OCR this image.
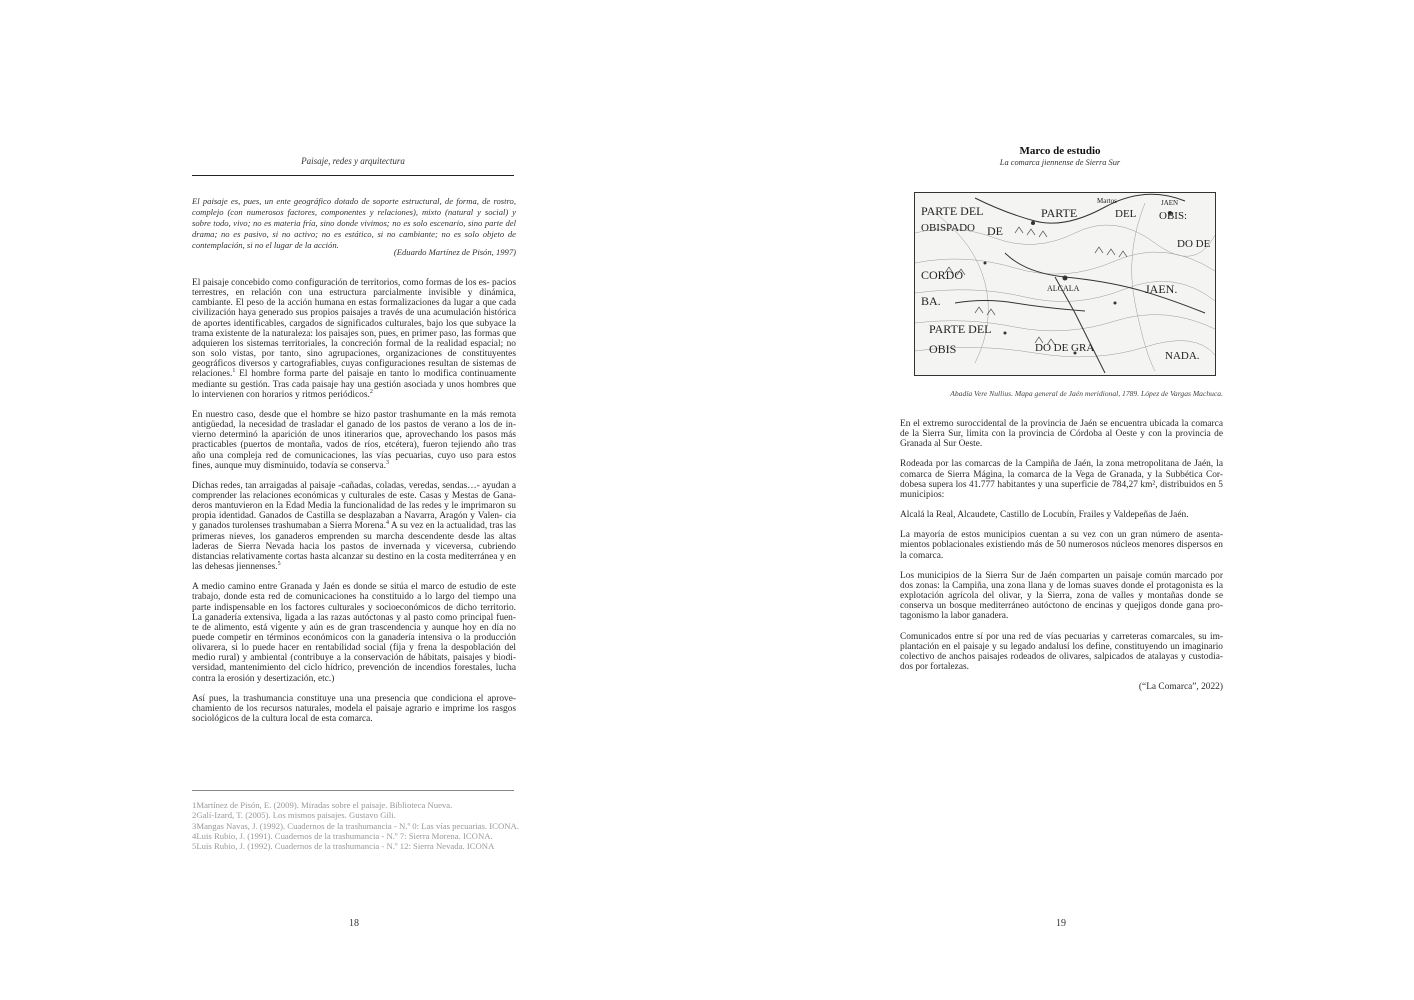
Paisaje, redes y arquitectura
El paisaje es, pues, un ente geográfico dotado de soporte estructural, de forma, de rostro, complejo (con numerosos factores, componentes y relaciones), mixto (natural y social) y sobre todo, vivo; no es materia fría, sino donde vivimos; no es solo escenario, sino parte del drama; no es pasivo, si no activo; no es estático, si no cambiante; no es solo objeto de contemplación, si no el lugar de la acción.
(Eduardo Martínez de Pisón, 1997)

El paisaje concebido como configuración de territorios, como formas de los es- pacios terrestres, en relación con una estructura parcialmente invisible y dinámica, cambiante. El peso de la acción humana en estas formalizaciones da lugar a que cada civilización haya generado sus propios paisajes a través de una acumulación histórica de aportes identificables, cargados de significados culturales, bajo los que subyace la trama existente de la naturaleza: los paisajes son, pues, en primer paso, las formas que adquieren los sistemas territoriales, la concreción formal de la realidad espacial; no son solo vistas, por tanto, sino agrupaciones, organizaciones de constituyentes geográficos diversos y cartografiables, cuyas configuraciones resultan de sistemas de relaciones.$^1$ El hombre forma parte del paisaje en tanto lo modifica continuamente mediante su gestión. Tras cada paisaje hay una gestión asociada y unos hombres que lo intervienen con horarios y ritmos periódicos.$^2$

En nuestro caso, desde que el hombre se hizo pastor trashumante en la más remota antigüedad, la necesidad de trasladar el ganado de los pastos de verano a los de in- vierno determinó la aparición de unos itinerarios que, aprovechando los pasos más practicables (puertos de montaña, vados de ríos, etcétera), fueron tejiendo año tras año una compleja red de comunicaciones, las vías pecuarias, cuyo uso para estos fines, aunque muy disminuido, todavía se conserva.$^3$

Dichas redes, tan arraigadas al paisaje -cañadas, coladas, veredas, sendas…- ayudan a comprender las relaciones económicas y culturales de este. Casas y Mestas de Gana- deros mantuvieron en la Edad Media la funcionalidad de las redes y le imprimaron su propia identidad. Ganados de Castilla se desplazaban a Navarra, Aragón y Valen- cia y ganados turolenses trashumaban a Sierra Morena.$^4$ A su vez en la actualidad, tras las primeras nieves, los ganaderos emprenden su marcha descendente desde las altas laderas de Sierra Nevada hacia los pastos de invernada y viceversa, cubriendo distancias relativamente cortas hasta alcanzar su destino en la costa mediterránea y en las dehesas jiennenses.$^5$

A medio camino entre Granada y Jaén es donde se sitúa el marco de estudio de este trabajo, donde esta red de comunicaciones ha constituido a lo largo del tiempo una parte indispensable en los factores culturales y socioeconómicos de dicho territorio. La ganadería extensiva, ligada a las razas autóctonas y al pasto como principal fuen- te de alimento, está vigente y aún es de gran trascendencia y aunque hoy en día no puede competir en términos económicos con la ganadería intensiva o la producción olivarera, si lo puede hacer en rentabilidad social (fija y frena la despoblación del medio rural) y ambiental (contribuye a la conservación de hábitats, paisajes y biodi- versidad, mantenimiento del ciclo hídrico, prevención de incendios forestales, lucha contra la erosión y desertización, etc.)

Así pues, la trashumancia constituye una una presencia que condiciona el aprove- chamiento de los recursos naturales, modela el paisaje agrario e imprime los rasgos sociológicos de la cultura local de esta comarca.

1Martínez de Pisón, E. (2009). Miradas sobre el paisaje. Biblioteca Nueva.
2Galí-Izard, T. (2005). Los mismos paisajes. Gustavo Gili.
3Mangas Navas, J. (1992). Cuadernos de la trashumancia - N.º 0: Las vías pecuarias. ICONA.
4Luis Rubio, J. (1991). Cuadernos de la trashumancia - N.º 7: Sierra Morena. ICONA.
5Luis Rubio, J. (1992). Cuadernos de la trashumancia - N.º 12: Sierra Nevada. ICONA
18
Marco de estudio
La comarca jiennense de Sierra Sur
PARTE DEL
OBISPADO DE
CORDO
BA.
PARTE	DEL OBIS:
DO DE
JAEN.
PARTE DEL
OBIS	DO DE GRA
NADA.
Martos	JAEN
ALCALA
Abadía Vere Nullius. Mapa general de Jaén meridional, 1789. López de Vargas Machuca.

En el extremo suroccidental de la provincia de Jaén se encuentra ubicada la comarca de la Sierra Sur, limita con la provincia de Córdoba al Oeste y con la provincia de Granada al Sur Oeste.

Rodeada por las comarcas de la Campiña de Jaén, la zona metropolitana de Jaén, la comarca de Sierra Mágina, la comarca de la Vega de Granada, y la Subbética Cor- dobesa supera los 41.777 habitantes y una superficie de 784,27 km², distribuidos en 5 municipios:

Alcalá la Real, Alcaudete, Castillo de Locubín, Frailes y Valdepeñas de Jaén.

La mayoría de estos municipios cuentan a su vez con un gran número de asenta- mientos poblacionales existiendo más de 50 numerosos núcleos menores dispersos en la comarca.

Los municipios de la Sierra Sur de Jaén comparten un paisaje común marcado por dos zonas: la Campiña, una zona llana y de lomas suaves donde el protagonista es la explotación agrícola del olivar, y la Sierra, zona de valles y montañas donde se conserva un bosque mediterráneo autóctono de encinas y quejigos donde gana pro- tagonismo la labor ganadera.

Comunicados entre sí por una red de vías pecuarias y carreteras comarcales, su im- plantación en el paisaje y su legado andalusí los define, constituyendo un imaginario colectivo de anchos paisajes rodeados de olivares, salpicados de atalayas y custodia- dos por fortalezas.

(“La Comarca”, 2022)

19
